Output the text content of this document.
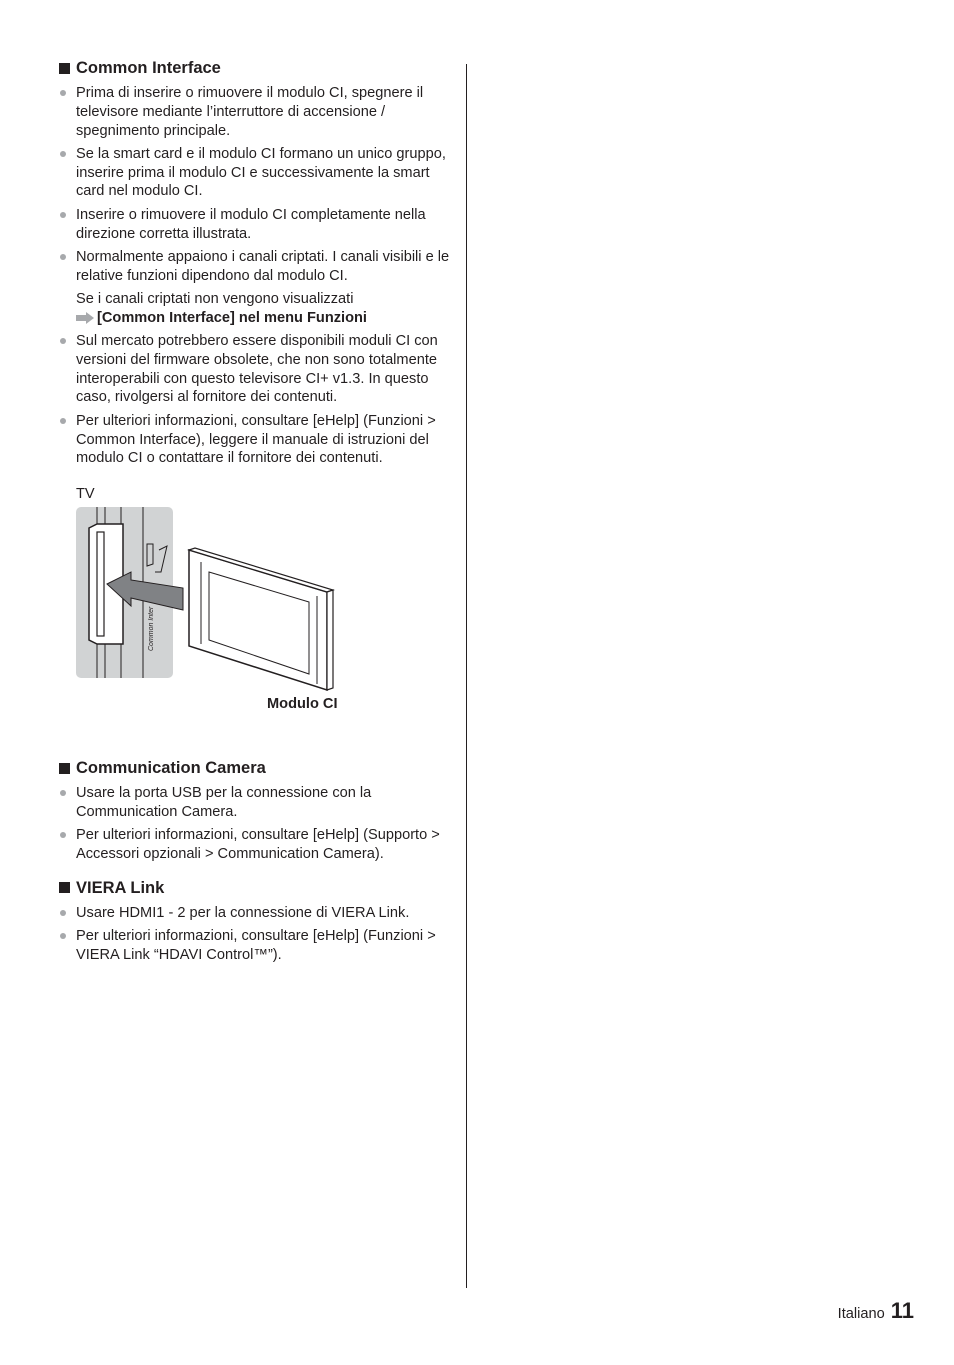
Common Interface
Prima di inserire o rimuovere il modulo CI, spegnere il televisore mediante l’interruttore di accensione / spegnimento principale.
Se la smart card e il modulo CI formano un unico gruppo, inserire prima il modulo CI e successivamente la smart card nel modulo CI.
Inserire o rimuovere il modulo CI completamente nella direzione corretta illustrata.
Normalmente appaiono i canali criptati. I canali visibili e le relative funzioni dipendono dal modulo CI.
Se i canali criptati non vengono visualizzati
[Common Interface] nel menu Funzioni
Sul mercato potrebbero essere disponibili moduli CI con versioni del firmware obsolete, che non sono totalmente interoperabili con questo televisore CI+ v1.3. In questo caso, rivolgersi al fornitore dei contenuti.
Per ulteriori informazioni, consultare [eHelp] (Funzioni > Common Interface), leggere il manuale di istruzioni del modulo CI o contattare il fornitore dei contenuti.
TV
Common Inter
Modulo CI
Communication Camera
Usare la porta USB per la connessione con la Communication Camera.
Per ulteriori informazioni, consultare [eHelp] (Supporto > Accessori opzionali > Communication Camera).
VIERA Link
Usare HDMI1 - 2 per la connessione di VIERA Link.
Per ulteriori informazioni, consultare [eHelp] (Funzioni > VIERA Link “HDAVI Control™”).
Italiano 11
